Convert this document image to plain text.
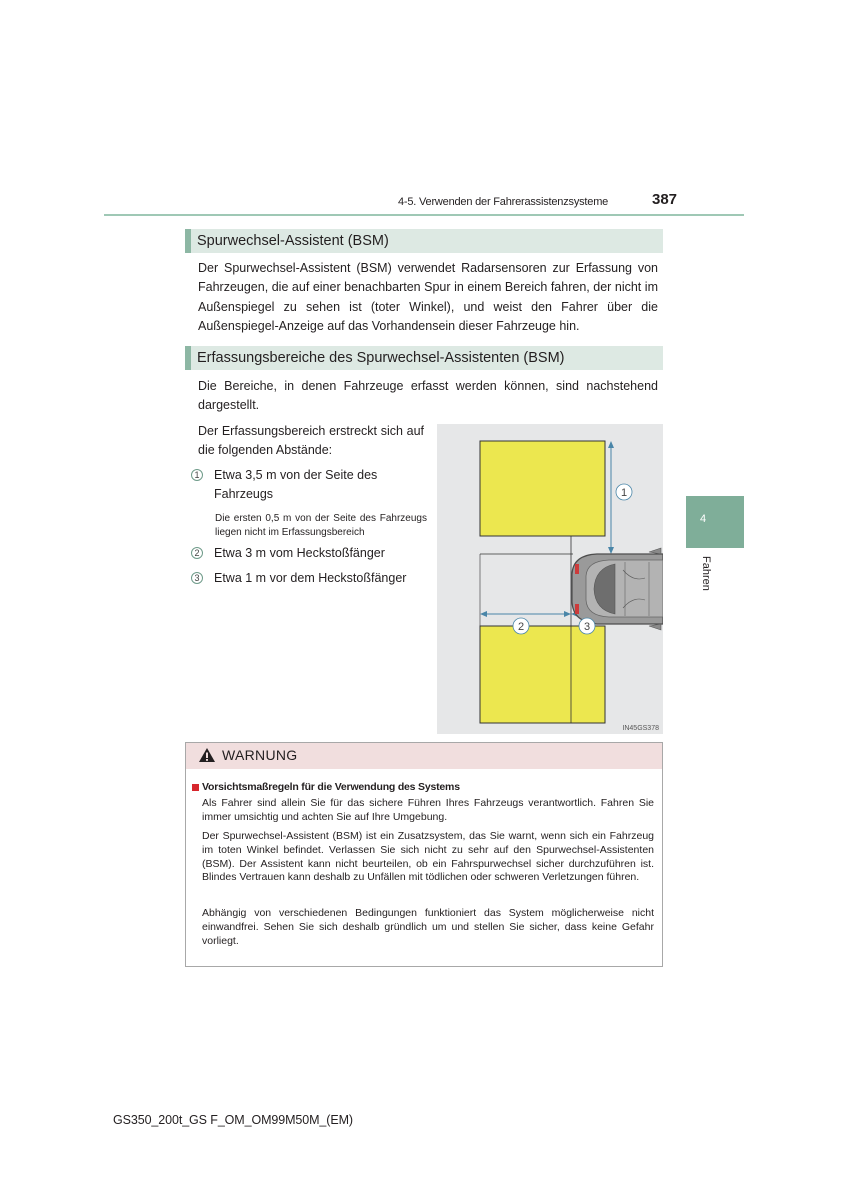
4-5. Verwenden der Fahrerassistenzsysteme	387
4
Fahren
Spurwechsel-Assistent (BSM)
Der Spurwechsel-Assistent (BSM) verwendet Radarsensoren zur Erfassung von Fahrzeugen, die auf einer benachbarten Spur in einem Bereich fahren, der nicht im Außenspiegel zu sehen ist (toter Winkel), und weist den Fahrer über die Außenspiegel-Anzeige auf das Vorhandensein dieser Fahrzeuge hin.
Erfassungsbereiche des Spurwechsel-Assistenten (BSM)
Die Bereiche, in denen Fahrzeuge erfasst werden können, sind nachstehend dargestellt.
Der Erfassungsbereich erstreckt sich auf die folgenden Abstände:
1 Etwa 3,5 m von der Seite des Fahrzeugs
Die ersten 0,5 m von der Seite des Fahrzeugs liegen nicht im Erfassungsbereich
2 Etwa 3 m vom Heckstoßfänger
3 Etwa 1 m vor dem Heckstoßfänger
1
2	3
IN45GS378
WARNUNG
Vorsichtsmaßregeln für die Verwendung des Systems
Als Fahrer sind allein Sie für das sichere Führen Ihres Fahrzeugs verantwortlich. Fahren Sie immer umsichtig und achten Sie auf Ihre Umgebung.
Der Spurwechsel-Assistent (BSM) ist ein Zusatzsystem, das Sie warnt, wenn sich ein Fahrzeug im toten Winkel befindet. Verlassen Sie sich nicht zu sehr auf den Spurwechsel-Assistenten (BSM). Der Assistent kann nicht beurteilen, ob ein Fahrspurwechsel sicher durchzuführen ist. Blindes Vertrauen kann deshalb zu Unfällen mit tödlichen oder schweren Verletzungen führen.
Abhängig von verschiedenen Bedingungen funktioniert das System möglicherweise nicht einwandfrei. Sehen Sie sich deshalb gründlich um und stellen Sie sicher, dass keine Gefahr vorliegt.
GS350_200t_GS F_OM_OM99M50M_(EM)
